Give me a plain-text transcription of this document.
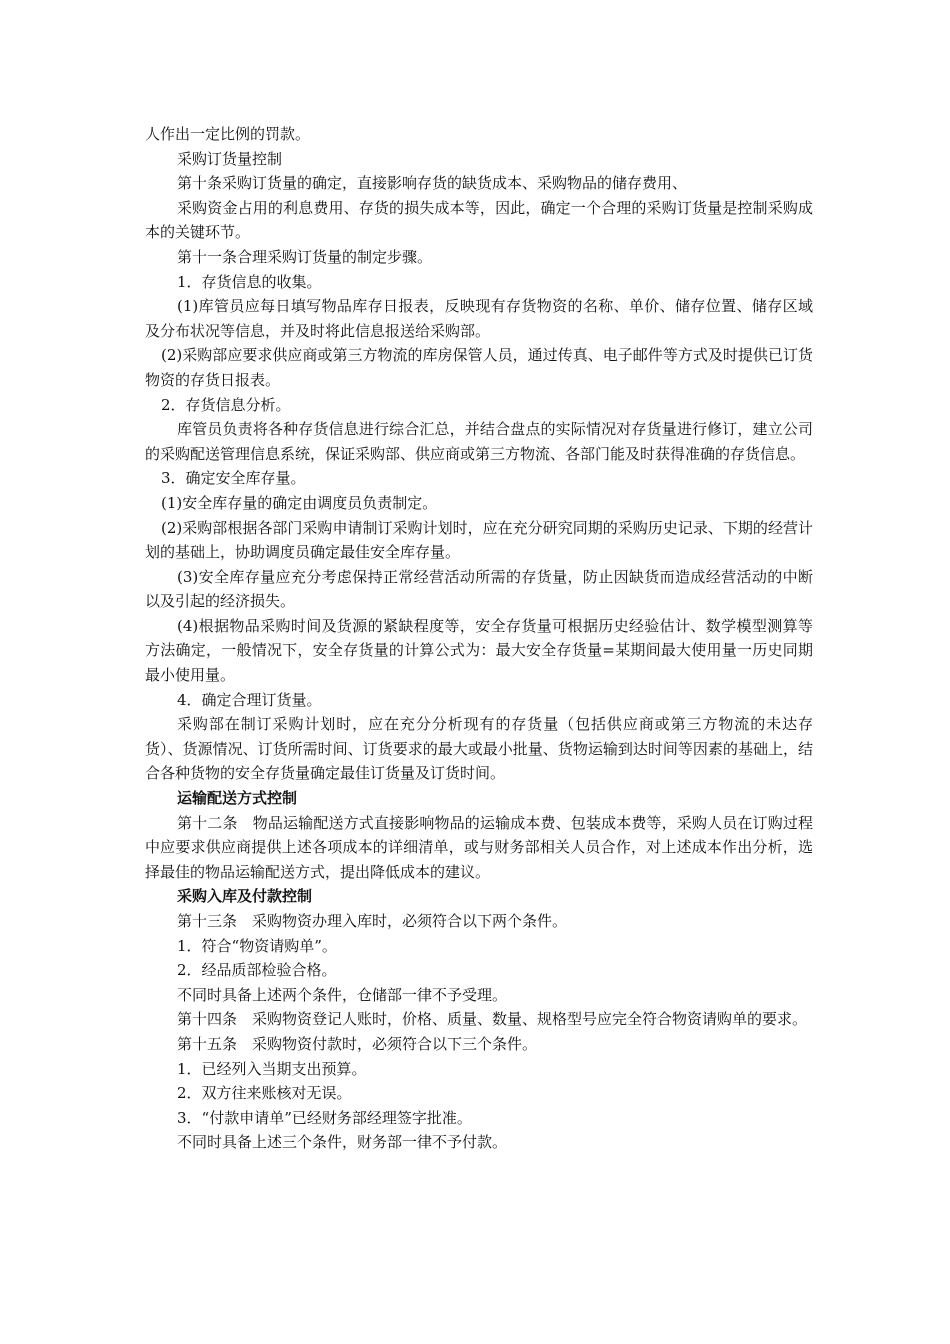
人作出一定比例的罚款。

采购订货量控制

第十条采购订货量的确定，直接影响存货的缺货成本、采购物品的储存费用、

采购资金占用的利息费用、存货的损失成本等，因此，确定一个合理的采购订货量是控制采购成本的关键环节。

第十一条合理采购订货量的制定步骤。

1．存货信息的收集。

(1)库管员应每日填写物品库存日报表，反映现有存货物资的名称、单价、储存位置、储存区域及分布状况等信息，并及时将此信息报送给采购部。

(2)采购部应要求供应商或第三方物流的库房保管人员，通过传真、电子邮件等方式及时提供已订货物资的存货日报表。

2．存货信息分析。

库管员负责将各种存货信息进行综合汇总，并结合盘点的实际情况对存货量进行修订，建立公司的采购配送管理信息系统，保证采购部、供应商或第三方物流、各部门能及时获得准确的存货信息。

3．确定安全库存量。

(1)安全库存量的确定由调度员负责制定。

(2)采购部根据各部门采购申请制订采购计划时，应在充分研究同期的采购历史记录、下期的经营计划的基础上，协助调度员确定最佳安全库存量。

(3)安全库存量应充分考虑保持正常经营活动所需的存货量，防止因缺货而造成经营活动的中断以及引起的经济损失。

(4)根据物品采购时间及货源的紧缺程度等，安全存货量可根据历史经验估计、数学模型测算等方法确定，一般情况下，安全存货量的计算公式为：最大安全存货量=某期间最大使用量一历史同期最小使用量。

4．确定合理订货量。

采购部在制订采购计划时，应在充分分析现有的存货量（包括供应商或第三方物流的未达存货）、货源情况、订货所需时间、订货要求的最大或最小批量、货物运输到达时间等因素的基础上，结合各种货物的安全存货量确定最佳订货量及订货时间。

运输配送方式控制

第十二条　物品运输配送方式直接影响物品的运输成本费、包装成本费等，采购人员在订购过程中应要求供应商提供上述各项成本的详细清单，或与财务部相关人员合作，对上述成本作出分析，选择最佳的物品运输配送方式，提出降低成本的建议。

采购入库及付款控制

第十三条　采购物资办理入库时，必须符合以下两个条件。

1．符合“物资请购单”。

2．经品质部检验合格。

不同时具备上述两个条件，仓储部一律不予受理。

第十四条　采购物资登记人账时，价格、质量、数量、规格型号应完全符合物资请购单的要求。

第十五条　采购物资付款时，必须符合以下三个条件。

1．已经列入当期支出预算。

2．双方往来账核对无误。

3．“付款申请单”已经财务部经理签字批准。

不同时具备上述三个条件，财务部一律不予付款。
